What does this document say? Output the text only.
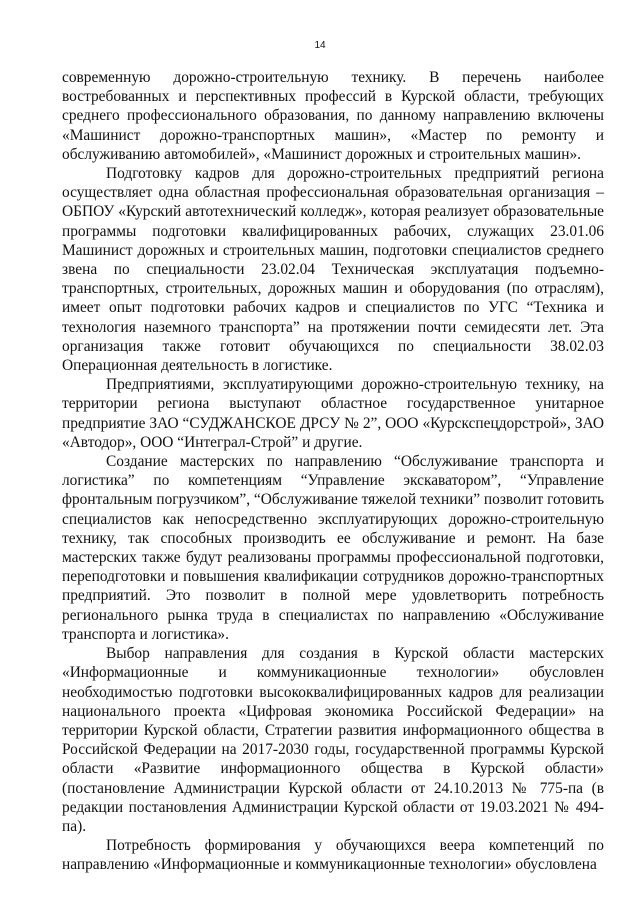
14

современную дорожно-строительную технику. В перечень наиболее востребованных и перспективных профессий в Курской области, требующих среднего профессионального образования, по данному направлению включены «Машинист дорожно-транспортных машин», «Мастер по ремонту и обслуживанию автомобилей», «Машинист дорожных и строительных машин».

Подготовку кадров для дорожно-строительных предприятий региона осуществляет одна областная профессиональная образовательная организация – ОБПОУ «Курский автотехнический колледж», которая реализует образовательные программы подготовки квалифицированных рабочих, служащих 23.01.06 Машинист дорожных и строительных машин, подготовки специалистов среднего звена по специальности 23.02.04 Техническая эксплуатация подъемно-транспортных, строительных, дорожных машин и оборудования (по отраслям), имеет опыт подготовки рабочих кадров и специалистов по УГС “Техника и технология наземного транспорта” на протяжении почти семидесяти лет. Эта организация также готовит обучающихся по специальности 38.02.03 Операционная деятельность в логистике.

Предприятиями, эксплуатирующими дорожно-строительную технику, на территории региона выступают областное государственное унитарное предприятие ЗАО “СУДЖАНСКОЕ ДРСУ № 2”, ООО «Курскспецдорстрой», ЗАО «Автодор», ООО “Интеграл-Строй” и другие.

Создание мастерских по направлению “Обслуживание транспорта и логистика” по компетенциям “Управление экскаватором”, “Управление фронтальным погрузчиком”, “Обслуживание тяжелой техники” позволит готовить специалистов как непосредственно эксплуатирующих дорожно-строительную технику, так способных производить ее обслуживание и ремонт. На базе мастерских также будут реализованы программы профессиональной подготовки, переподготовки и повышения квалификации сотрудников дорожно-транспортных предприятий. Это позволит в полной мере удовлетворить потребность регионального рынка труда в специалистах по направлению «Обслуживание транспорта и логистика».

Выбор направления для создания в Курской области мастерских «Информационные и коммуникационные технологии» обусловлен необходимостью подготовки высококвалифицированных кадров для реализации национального проекта «Цифровая экономика Российской Федерации» на территории Курской области, Стратегии развития информационного общества в Российской Федерации на 2017-2030 годы, государственной программы Курской области «Развитие информационного общества в Курской области» (постановление Администрации Курской области от 24.10.2013 № 775-па (в редакции постановления Администрации Курской области от 19.03.2021 № 494-па).

Потребность формирования у обучающихся веера компетенций по направлению «Информационные и коммуникационные технологии» обусловлена
